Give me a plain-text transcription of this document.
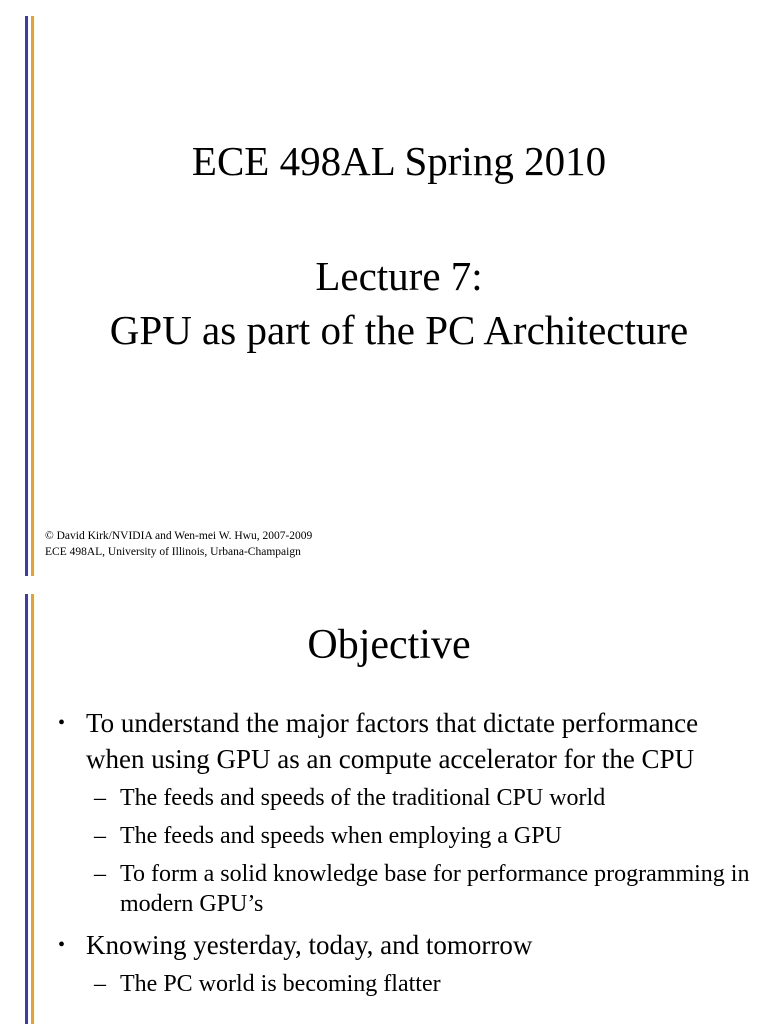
ECE 498AL Spring 2010
Lecture 7:
GPU as part of the PC Architecture
© David Kirk/NVIDIA and Wen-mei W. Hwu, 2007-2009
ECE 498AL, University of Illinois, Urbana-Champaign
Objective
• To understand the major factors that dictate performance when using GPU as an compute accelerator for the CPU
– The feeds and speeds of the traditional CPU world
– The feeds and speeds when employing a GPU
– To form a solid knowledge base for performance programming in modern GPU’s
• Knowing yesterday, today, and tomorrow
– The PC world is becoming flatter
